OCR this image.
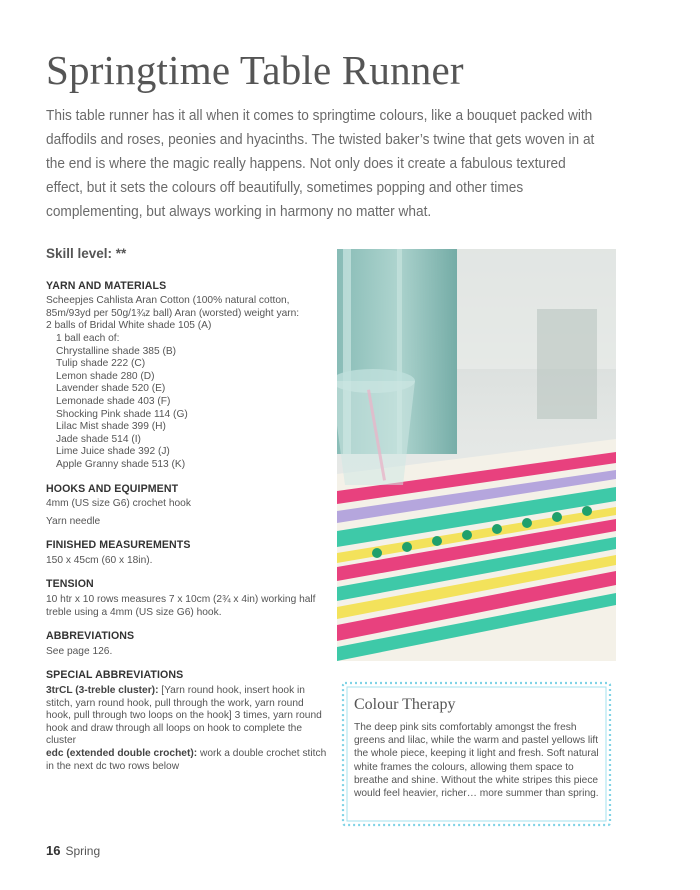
Springtime Table Runner

This table runner has it all when it comes to springtime colours, like a bouquet packed with daffodils and roses, peonies and hyacinths. The twisted baker’s twine that gets woven in at the end is where the magic really happens. Not only does it create a fabulous textured effect, but it sets the colours off beautifully, sometimes popping and other times complementing, but always working in harmony no matter what.

Skill level: **

YARN AND MATERIALS

Scheepjes Cahlista Aran Cotton (100% natural cotton, 85m/93yd per 50g/1¾z ball) Aran (worsted) weight yarn:
2 balls of Bridal White shade 105 (A)
1 ball each of:
Chrystalline shade 385 (B)
Tulip shade 222 (C)
Lemon shade 280 (D)
Lavender shade 520 (E)
Lemonade shade 403 (F)
Shocking Pink shade 114 (G)
Lilac Mist shade 399 (H)
Jade shade 514 (I)
Lime Juice shade 392 (J)
Apple Granny shade 513 (K)

HOOKS AND EQUIPMENT

4mm (US size G6) crochet hook

Yarn needle

FINISHED MEASUREMENTS

150 x 45cm (60 x 18in).

TENSION

10 htr x 10 rows measures 7 x 10cm (2¾ x 4in) working half treble using a 4mm (US size G6) hook.

ABBREVIATIONS

See page 126.

SPECIAL ABBREVIATIONS

3trCL (3-treble cluster): [Yarn round hook, insert hook in stitch, yarn round hook, pull through the work, yarn round hook, pull through two loops on the hook] 3 times, yarn round hook and draw through all loops on hook to complete the cluster
edc (extended double crochet): work a double crochet stitch in the next dc two rows below

Colour Therapy

The deep pink sits comfortably amongst the fresh greens and lilac, while the warm and pastel yellows lift the whole piece, keeping it light and fresh. Soft natural white frames the colours, allowing them space to breathe and shine. Without the white stripes this piece would feel heavier, richer… more summer than spring.

16 Spring
